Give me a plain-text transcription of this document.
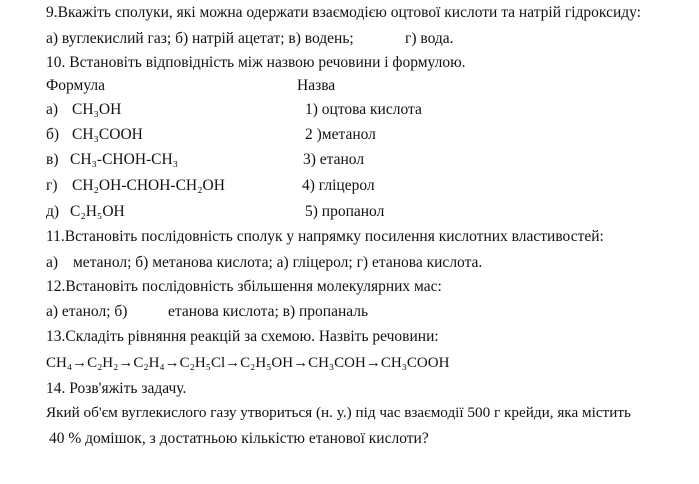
9.Вкажіть сполуки, які можна одержати взаємодією оцтової кислоти та натрій гідроксиду:
а) вуглекислий газ; б) натрій ацетат; в) водень;	г) вода.
10. Встановіть відповідність між назвою речовини і формулою.
Формула	Назва
а) CH₃OH	1) оцтова кислота
б) CH₃COOH	2 )метанол
в) CH₃-CHOH-CH₃	3) етанол
г) CH₂OH-CHOH-CH₂OH	4) гліцерол
д) C₂H₅OH	5) пропанол
11.Встановіть послідовність сполук у напрямку посилення кислотних властивостей:
а) метанол; б) метанова кислота; а) гліцерол; г) етанова кислота.
12.Встановіть послідовність збільшення молекулярних мас:
а) етанол; б)	етанова кислота; в) пропаналь
13.Складіть рівняння реакцій за схемою. Назвіть речовини:
CH₄→C₂H₂→C₂H₄→C₂H₅Cl→C₂H₅OH→CH₃COH→CH₃COOH
14. Розв'яжіть задачу.
Який об'єм вуглекислого газу утвориться (н. у.) під час взаємодії 500 г крейди, яка містить
40 % домішок, з достатньою кількістю етанової кислоти?
